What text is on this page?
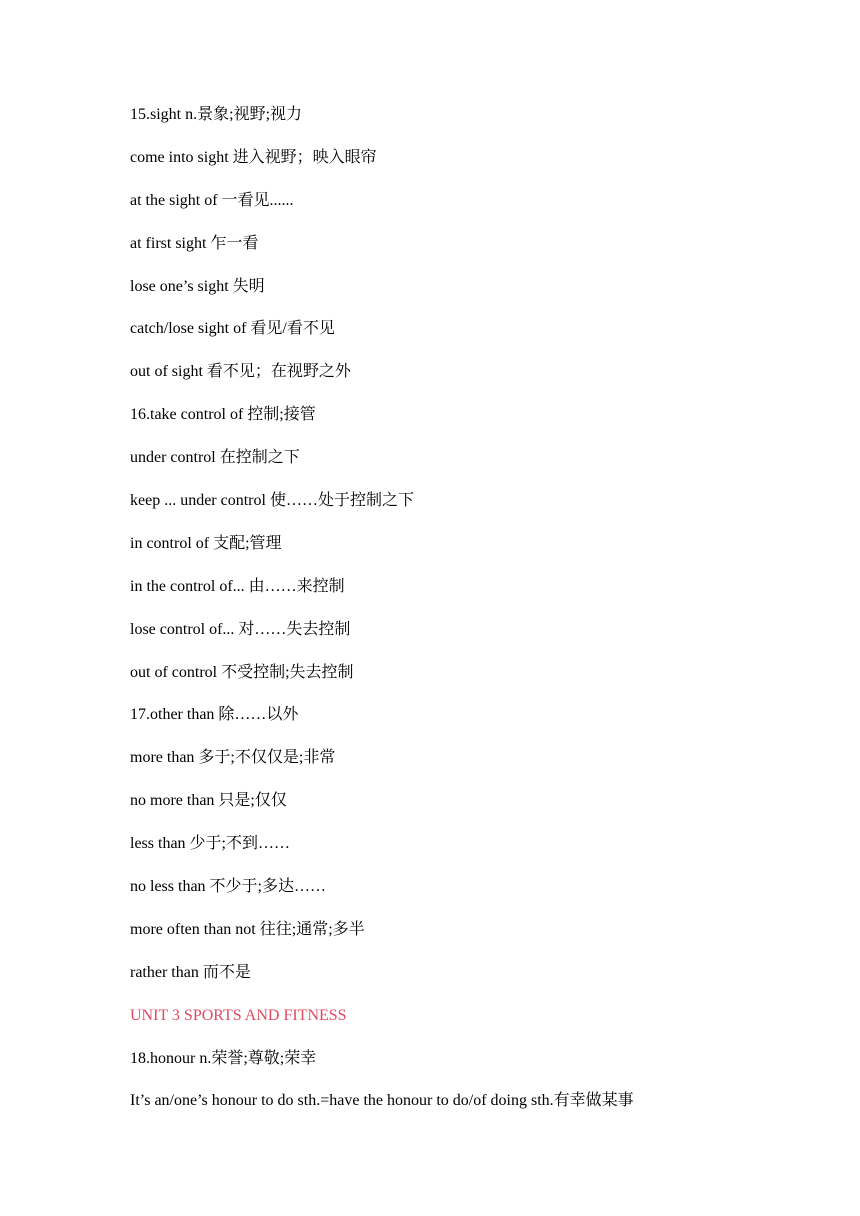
15.sight n.景象;视野;视力
come into sight 进入视野；映入眼帘
at the sight of 一看见......
at first sight 乍一看
lose one’s sight 失明
catch/lose sight of 看见/看不见
out of sight 看不见；在视野之外
16.take control of 控制;接管
under control 在控制之下
keep ... under control 使……处于控制之下
in control of 支配;管理
in the control of... 由……来控制
lose control of... 对……失去控制
out of control 不受控制;失去控制
17.other than 除……以外
more than 多于;不仅仅是;非常
no more than 只是;仅仅
less than 少于;不到……
no less than 不少于;多达……
more often than not 往往;通常;多半
rather than 而不是
UNIT 3 SPORTS AND FITNESS
18.honour n.荣誉;尊敬;荣幸
It’s an/one’s honour to do sth.=have the honour to do/of doing sth.有幸做某事
